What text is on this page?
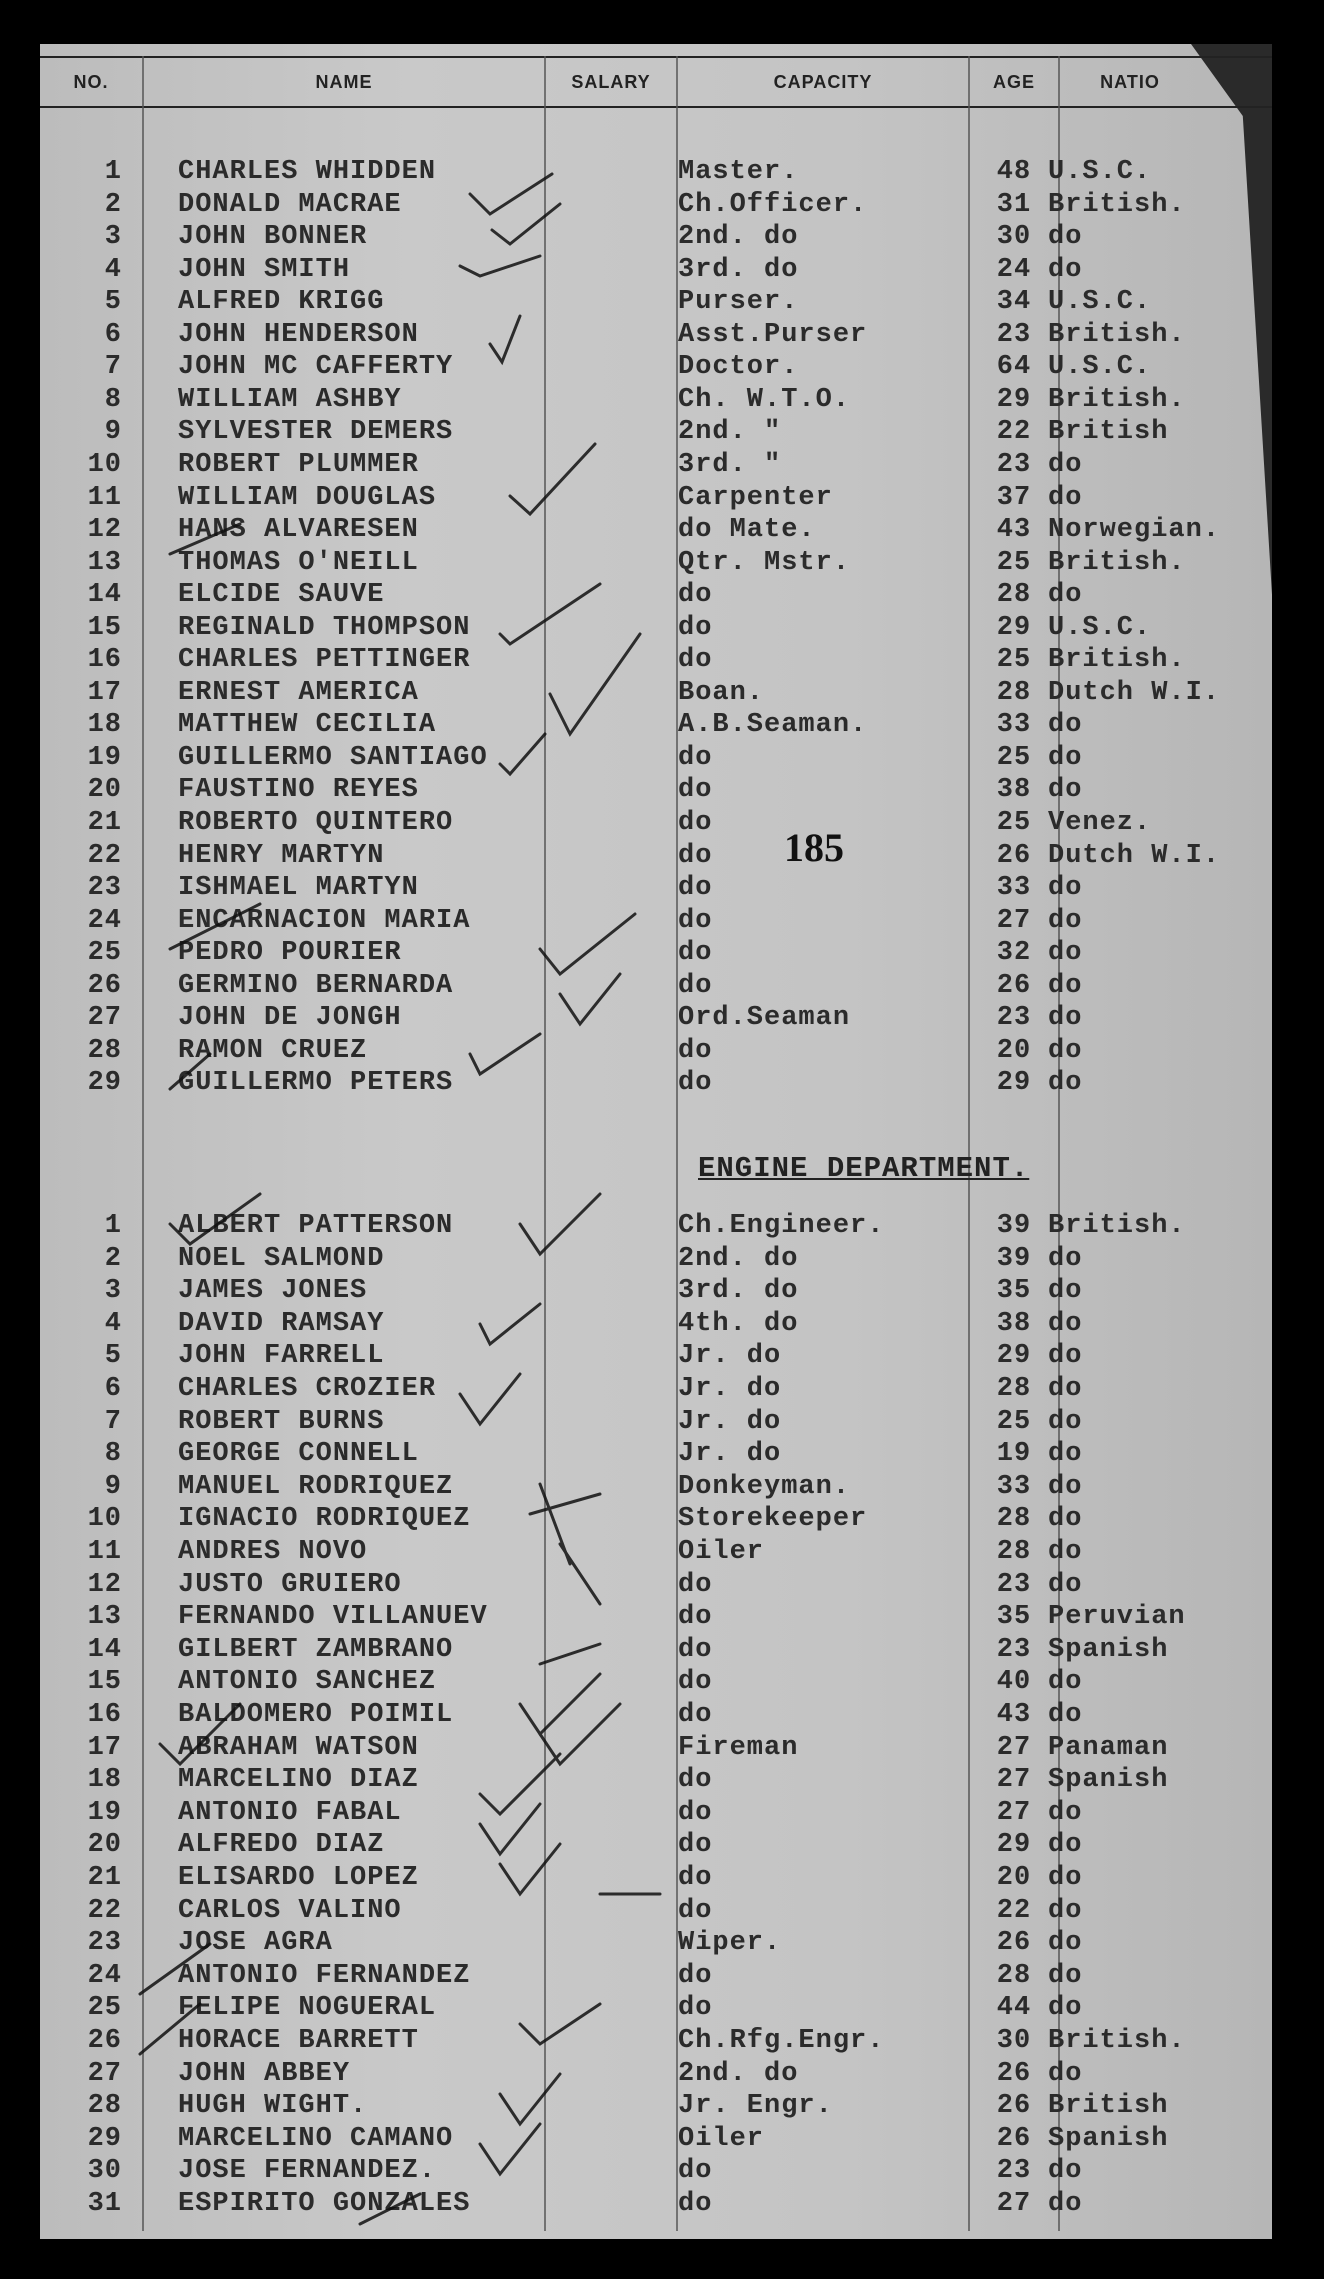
NO.	NAME	SALARY	CAPACITY	AGE	NATIO
1 CHARLES WHIDDEN	Master.	48 U.S.C.
2 DONALD MACRAE	Ch.Officer.	31 British.
3 JOHN BONNER	2nd. do	30 do
4 JOHN SMITH	3rd. do	24 do
5 ALFRED KRIGG	Purser.	34 U.S.C.
6 JOHN HENDERSON	Asst.Purser	23 British.
7 JOHN MC CAFFERTY	Doctor.	64 U.S.C.
8 WILLIAM ASHBY	Ch. W.T.O.	29 British.
9 SYLVESTER DEMERS	2nd. "	22 British
10 ROBERT PLUMMER	3rd. "	23 do
11 WILLIAM DOUGLAS	Carpenter	37 do
12 HANS ALVARESEN	do Mate.	43 Norwegian.
13 THOMAS O'NEILL	Qtr. Mstr.	25 British.
14 ELCIDE SAUVE	do	28 do
15 REGINALD THOMPSON	do	29 U.S.C.
16 CHARLES PETTINGER	do	25 British.
17 ERNEST AMERICA	Boan.	28 Dutch W.I.
18 MATTHEW CECILIA	A.B.Seaman.	33 do
19 GUILLERMO SANTIAGO	do	25 do
20 FAUSTINO REYES	do	38 do
21 ROBERTO QUINTERO	do	25 Venez.
22 HENRY MARTYN	do	26 Dutch W.I.
23 ISHMAEL MARTYN	do	33 do
24 ENCARNACION MARIA	do	27 do
25 PEDRO POURIER	do	32 do
26 GERMINO BERNARDA	do	26 do
27 JOHN DE JONGH	Ord.Seaman	23 do
28 RAMON CRUEZ	do	20 do
29 GUILLERMO PETERS	do	29 do
185
ENGINE DEPARTMENT.
1 ALBERT PATTERSON	Ch.Engineer.	39 British.
2 NOEL SALMOND	2nd. do	39 do
3 JAMES JONES	3rd. do	35 do
4 DAVID RAMSAY	4th. do	38 do
5 JOHN FARRELL	Jr. do	29 do
6 CHARLES CROZIER	Jr. do	28 do
7 ROBERT BURNS	Jr. do	25 do
8 GEORGE CONNELL	Jr. do	19 do
9 MANUEL RODRIQUEZ	Donkeyman.	33 do
10 IGNACIO RODRIQUEZ	Storekeeper	28 do
11 ANDRES NOVO	Oiler	28 do
12 JUSTO GRUIERO	do	23 do
13 FERNANDO VILLANUEV	do	35 Peruvian
14 GILBERT ZAMBRANO	do	23 Spanish
15 ANTONIO SANCHEZ	do	40 do
16 BALDOMERO POIMIL	do	43 do
17 ABRAHAM WATSON	Fireman	27 Panaman
18 MARCELINO DIAZ	do	27 Spanish
19 ANTONIO FABAL	do	27 do
20 ALFREDO DIAZ	do	29 do
21 ELISARDO LOPEZ	do	20 do
22 CARLOS VALINO	do	22 do
23 JOSE AGRA	Wiper.	26 do
24 ANTONIO FERNANDEZ	do	28 do
25 FELIPE NOGUERAL	do	44 do
26 HORACE BARRETT	Ch.Rfg.Engr.	30 British.
27 JOHN ABBEY	2nd. do	26 do
28 HUGH WIGHT.	Jr. Engr.	26 British
29 MARCELINO CAMANO	Oiler	26 Spanish
30 JOSE FERNANDEZ.	do	23 do
31 ESPIRITO GONZALES	do	27 do
